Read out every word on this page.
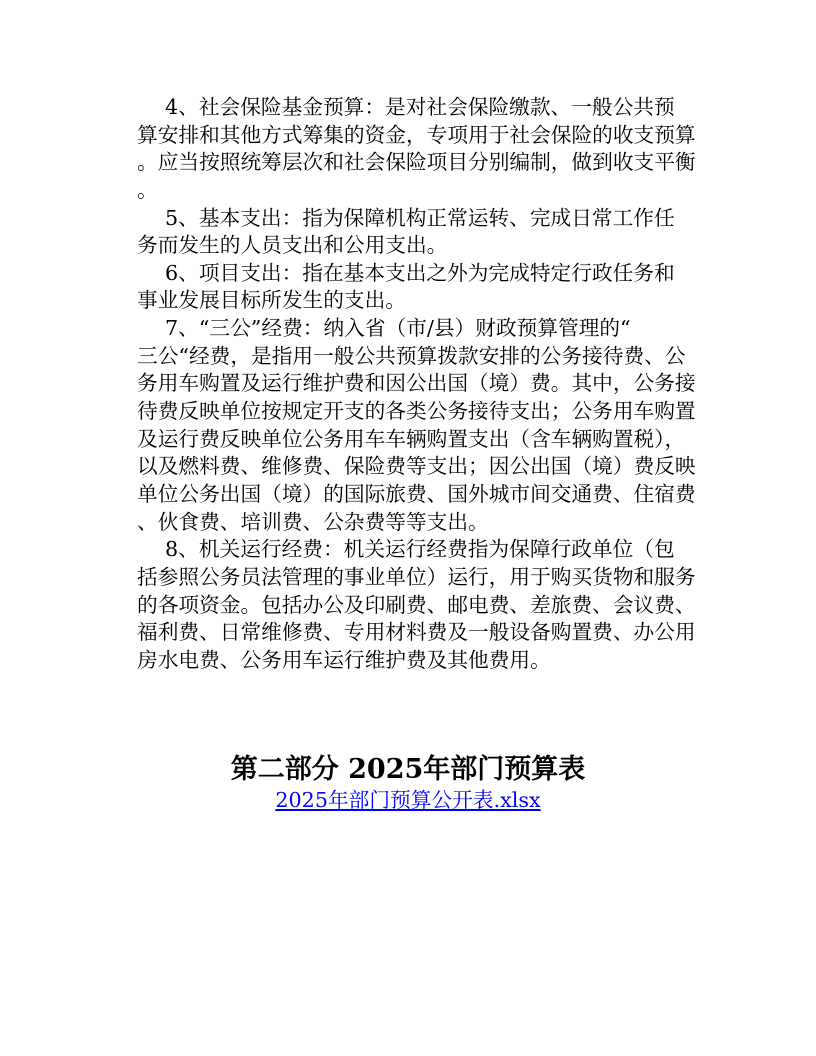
4、社会保险基金预算：是对社会保险缴款、一般公共预
算安排和其他方式筹集的资金，专项用于社会保险的收支预算
。应当按照统筹层次和社会保险项目分别编制，做到收支平衡
。
5、基本支出：指为保障机构正常运转、完成日常工作任
务而发生的人员支出和公用支出。
6、项目支出：指在基本支出之外为完成特定行政任务和
事业发展目标所发生的支出。
7、“三公”经费：纳入省（市/县）财政预算管理的“
三公“经费，是指用一般公共预算拨款安排的公务接待费、公
务用车购置及运行维护费和因公出国（境）费。其中，公务接
待费反映单位按规定开支的各类公务接待支出；公务用车购置
及运行费反映单位公务用车车辆购置支出（含车辆购置税），
以及燃料费、维修费、保险费等支出；因公出国（境）费反映
单位公务出国（境）的国际旅费、国外城市间交通费、住宿费
、伙食费、培训费、公杂费等等支出。
8、机关运行经费：机关运行经费指为保障行政单位（包
括参照公务员法管理的事业单位）运行，用于购买货物和服务
的各项资金。包括办公及印刷费、邮电费、差旅费、会议费、
福利费、日常维修费、专用材料费及一般设备购置费、办公用
房水电费、公务用车运行维护费及其他费用。
第二部分 2025年部门预算表
2025年部门预算公开表.xlsx
